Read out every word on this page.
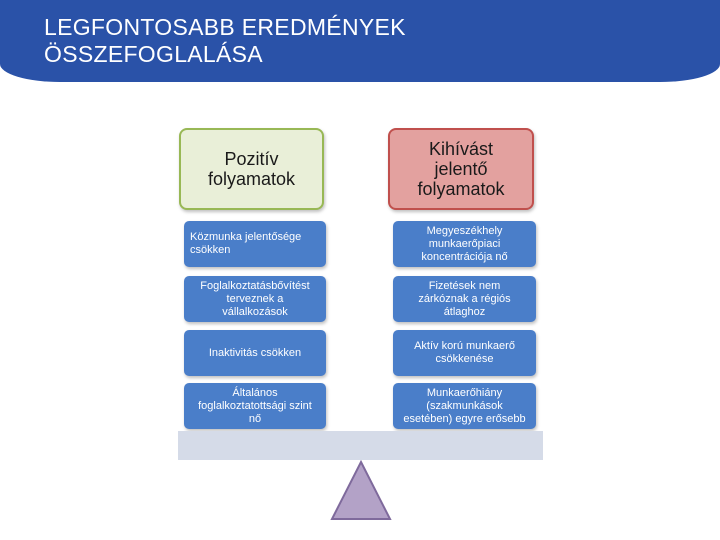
LEGFONTOSABB EREDMÉNYEK
ÖSSZEFOGLALÁSA
Pozitív
folyamatok
Kihívást
jelentő
folyamatok
Közmunka jelentősége
csökken
Foglalkoztatásbővítést
terveznek a
vállalkozások
Inaktivitás csökken
Általános
foglalkoztatottsági szint
nő
Megyeszékhely
munkaerőpiaci
koncentrációja nő
Fizetések nem
zárkóznak a régiós
átlaghoz
Aktív korú munkaerő
csökkenése
Munkaerőhiány
(szakmunkások
esetében) egyre erősebb
